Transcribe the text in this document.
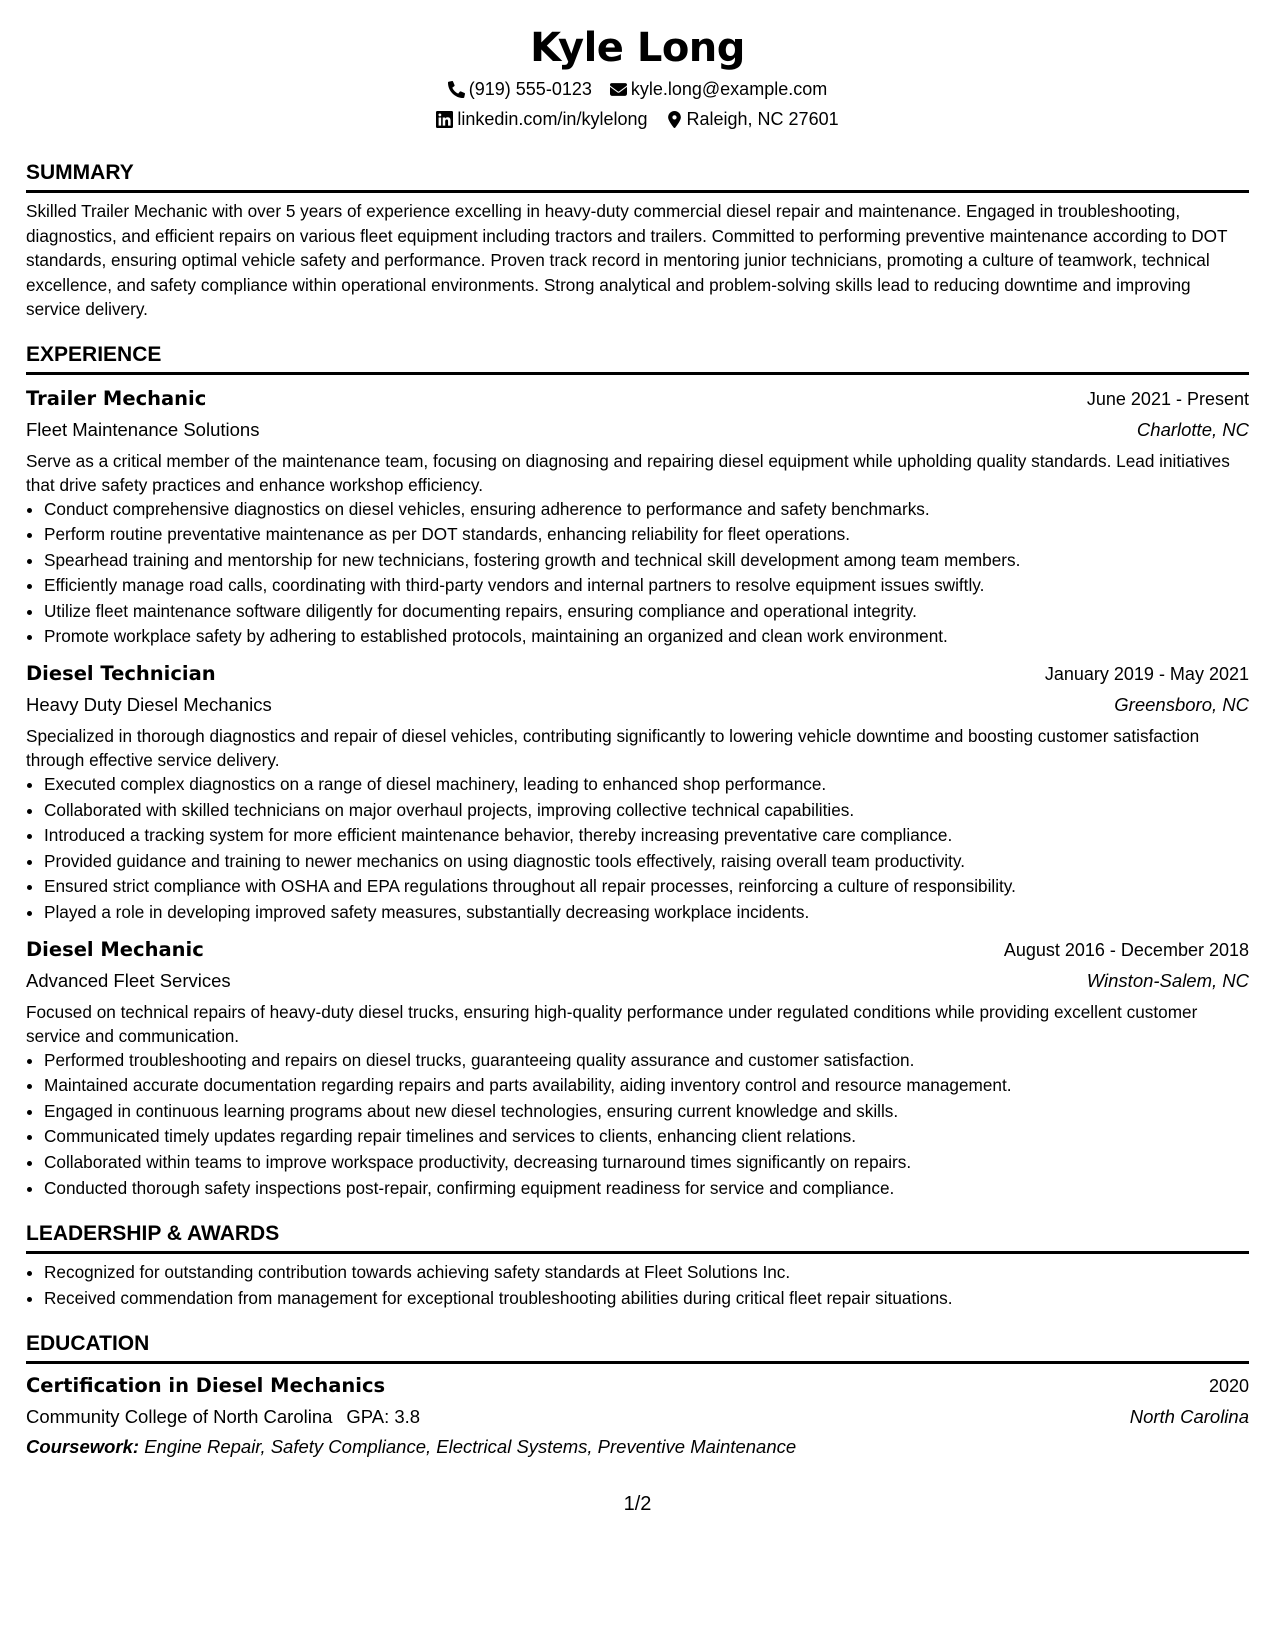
Kyle Long
(919) 555-0123 kyle.long@example.com
linkedin.com/in/kylelong Raleigh, NC 27601
SUMMARY
Skilled Trailer Mechanic with over 5 years of experience excelling in heavy-duty commercial diesel repair and maintenance. Engaged in troubleshooting, diagnostics, and efficient repairs on various fleet equipment including tractors and trailers. Committed to performing preventive maintenance according to DOT standards, ensuring optimal vehicle safety and performance. Proven track record in mentoring junior technicians, promoting a culture of teamwork, technical excellence, and safety compliance within operational environments. Strong analytical and problem-solving skills lead to reducing downtime and improving service delivery.
EXPERIENCE
Trailer Mechanic	June 2021 - Present
Fleet Maintenance Solutions	Charlotte, NC
Serve as a critical member of the maintenance team, focusing on diagnosing and repairing diesel equipment while upholding quality standards. Lead initiatives that drive safety practices and enhance workshop efficiency.
• Conduct comprehensive diagnostics on diesel vehicles, ensuring adherence to performance and safety benchmarks.
• Perform routine preventative maintenance as per DOT standards, enhancing reliability for fleet operations.
• Spearhead training and mentorship for new technicians, fostering growth and technical skill development among team members.
• Efficiently manage road calls, coordinating with third-party vendors and internal partners to resolve equipment issues swiftly.
• Utilize fleet maintenance software diligently for documenting repairs, ensuring compliance and operational integrity.
• Promote workplace safety by adhering to established protocols, maintaining an organized and clean work environment.
Diesel Technician	January 2019 - May 2021
Heavy Duty Diesel Mechanics	Greensboro, NC
Specialized in thorough diagnostics and repair of diesel vehicles, contributing significantly to lowering vehicle downtime and boosting customer satisfaction through effective service delivery.
• Executed complex diagnostics on a range of diesel machinery, leading to enhanced shop performance.
• Collaborated with skilled technicians on major overhaul projects, improving collective technical capabilities.
• Introduced a tracking system for more efficient maintenance behavior, thereby increasing preventative care compliance.
• Provided guidance and training to newer mechanics on using diagnostic tools effectively, raising overall team productivity.
• Ensured strict compliance with OSHA and EPA regulations throughout all repair processes, reinforcing a culture of responsibility.
• Played a role in developing improved safety measures, substantially decreasing workplace incidents.
Diesel Mechanic	August 2016 - December 2018
Advanced Fleet Services	Winston-Salem, NC
Focused on technical repairs of heavy-duty diesel trucks, ensuring high-quality performance under regulated conditions while providing excellent customer service and communication.
• Performed troubleshooting and repairs on diesel trucks, guaranteeing quality assurance and customer satisfaction.
• Maintained accurate documentation regarding repairs and parts availability, aiding inventory control and resource management.
• Engaged in continuous learning programs about new diesel technologies, ensuring current knowledge and skills.
• Communicated timely updates regarding repair timelines and services to clients, enhancing client relations.
• Collaborated within teams to improve workspace productivity, decreasing turnaround times significantly on repairs.
• Conducted thorough safety inspections post-repair, confirming equipment readiness for service and compliance.
LEADERSHIP & AWARDS
• Recognized for outstanding contribution towards achieving safety standards at Fleet Solutions Inc.
• Received commendation from management for exceptional troubleshooting abilities during critical fleet repair situations.
EDUCATION
Certification in Diesel Mechanics	2020
Community College of North Carolina GPA: 3.8	North Carolina
Coursework: Engine Repair, Safety Compliance, Electrical Systems, Preventive Maintenance
1/2
